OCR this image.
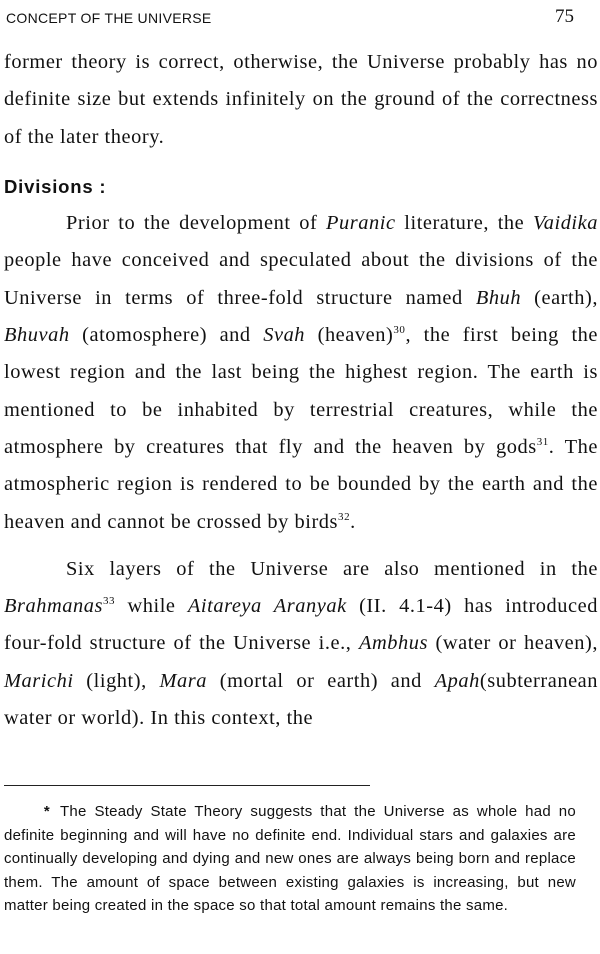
CONCEPT OF THE UNIVERSE	75

former theory is correct, otherwise, the Universe probably has no definite size but extends infinitely on the ground of the correctness of the later theory.

Divisions :

Prior to the development of Puranic literature, the Vaidika people have conceived and speculated about the divisions of the Universe in terms of three-fold structure named Bhuh (earth), Bhuvah (atomosphere) and Svah (heaven)$^{30}$, the first being the lowest region and the last being the highest region. The earth is mentioned to be inhabited by terrestrial creatures, while the atmosphere by creatures that fly and the heaven by gods$^{31}$. The atmospheric region is rendered to be bounded by the earth and the heaven and cannot be crossed by birds$^{32}$.

Six layers of the Universe are also mentioned in the Brahmanas$^{33}$ while Aitareya Aranyak (II. 4.1-4) has introduced four-fold structure of the Universe i.e., Ambhus (water or heaven), Marichi (light), Mara (mortal or earth) and Apah(subterranean water or world). In this context, the

* The Steady State Theory suggests that the Universe as whole had no definite beginning and will have no definite end. Individual stars and galaxies are continually developing and dying and new ones are always being born and replace them. The amount of space between existing galaxies is increasing, but new matter being created in the space so that total amount remains the same.
